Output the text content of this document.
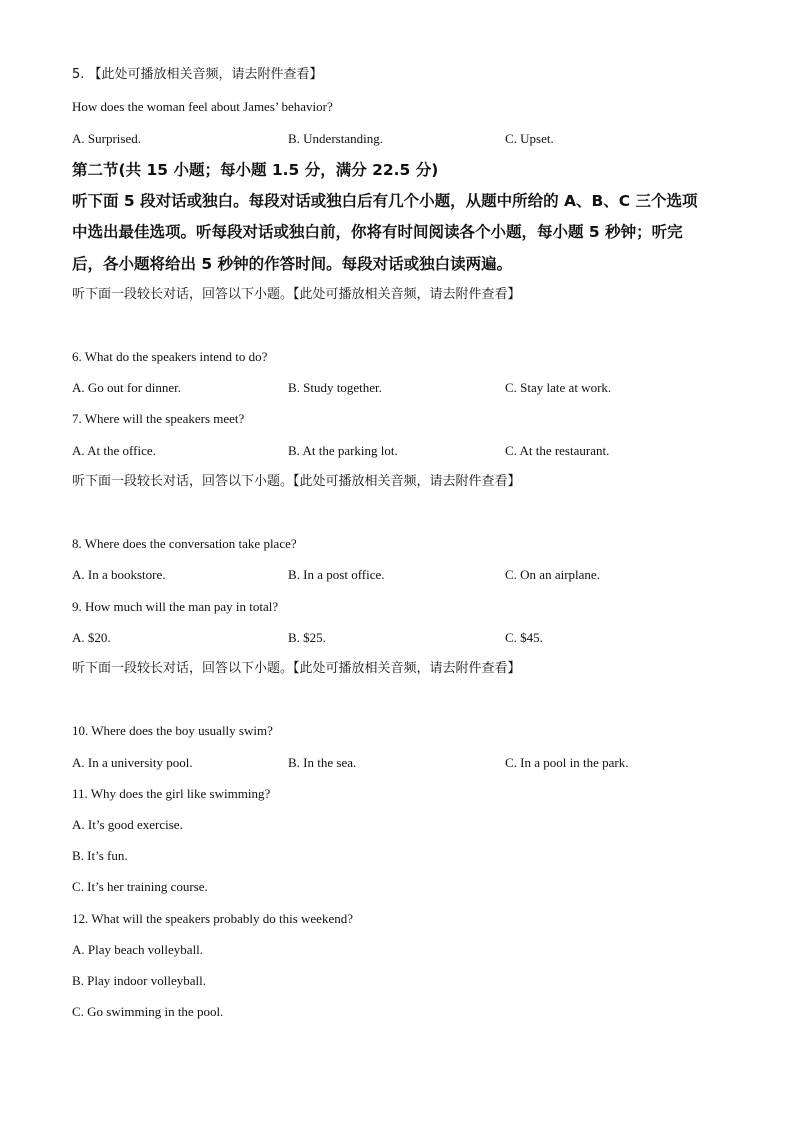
5. 【此处可播放相关音频，请去附件查看】
How does the woman feel about James’ behavior?
A. Surprised.	B. Understanding.	C. Upset.
第二节(共 15 小题；每小题 1.5 分，满分 22.5 分)
听下面 5 段对话或独白。每段对话或独白后有几个小题，从题中所给的 A、B、C 三个选项
中选出最佳选项。听每段对话或独白前，你将有时间阅读各个小题，每小题 5 秒钟；听完
后，各小题将给出 5 秒钟的作答时间。每段对话或独白读两遍。
听下面一段较长对话，回答以下小题。【此处可播放相关音频，请去附件查看】
6. What do the speakers intend to do?
A. Go out for dinner.	B. Study together.	C. Stay late at work.
7. Where will the speakers meet?
A. At the office.	B. At the parking lot.	C. At the restaurant.
听下面一段较长对话，回答以下小题。【此处可播放相关音频，请去附件查看】
8. Where does the conversation take place?
A. In a bookstore.	B. In a post office.	C. On an airplane.
9. How much will the man pay in total?
A. $20.	B. $25.	C. $45.
听下面一段较长对话，回答以下小题。【此处可播放相关音频，请去附件查看】
10. Where does the boy usually swim?
A. In a university pool.	B. In the sea.	C. In a pool in the park.
11. Why does the girl like swimming?
A. It’s good exercise.
B. It’s fun.
C. It’s her training course.
12. What will the speakers probably do this weekend?
A. Play beach volleyball.
B. Play indoor volleyball.
C. Go swimming in the pool.
